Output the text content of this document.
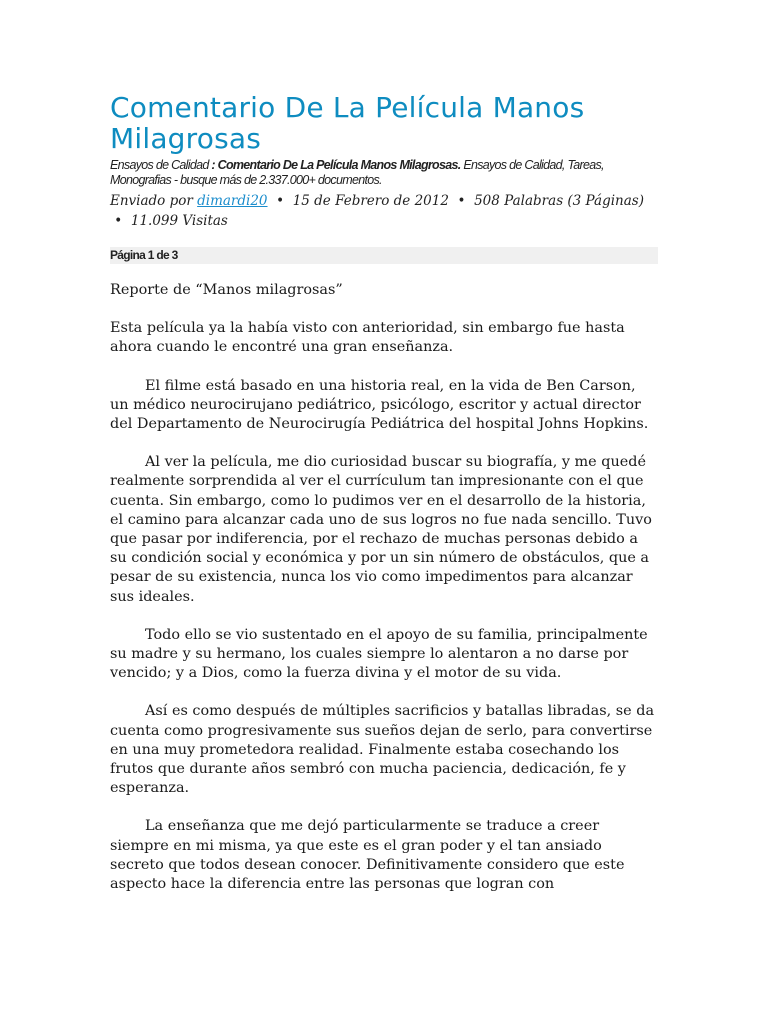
Comentario De La Película Manos Milagrosas
Ensayos de Calidad : Comentario De La Película Manos Milagrosas. Ensayos de Calidad, Tareas, Monografias - busque más de 2.337.000+ documentos.
Enviado por dimardi20 • 15 de Febrero de 2012 • 508 Palabras (3 Páginas)  • 11.099 Visitas
Página 1 de 3

Reporte de “Manos milagrosas”

Esta película ya la había visto con anterioridad, sin embargo fue hasta ahora cuando le encontré una gran enseñanza.

El filme está basado en una historia real, en la vida de Ben Carson, un médico neurocirujano pediátrico, psicólogo, escritor y actual director del Departamento de Neurocirugía Pediátrica del hospital Johns Hopkins.

Al ver la película, me dio curiosidad buscar su biografía, y me quedé realmente sorprendida al ver el currículum tan impresionante con el que cuenta. Sin embargo, como lo pudimos ver en el desarrollo de la historia, el camino para alcanzar cada uno de sus logros no fue nada sencillo. Tuvo que pasar por indiferencia, por el rechazo de muchas personas debido a su condición social y económica y por un sin número de obstáculos, que a pesar de su existencia, nunca los vio como impedimentos para alcanzar sus ideales.

Todo ello se vio sustentado en el apoyo de su familia, principalmente su madre y su hermano, los cuales siempre lo alentaron a no darse por vencido; y a Dios, como la fuerza divina y el motor de su vida.

Así es como después de múltiples sacrificios y batallas libradas, se da cuenta como progresivamente sus sueños dejan de serlo, para convertirse en una muy prometedora realidad. Finalmente estaba cosechando los frutos que durante años sembró con mucha paciencia, dedicación, fe y esperanza.

La enseñanza que me dejó particularmente se traduce a creer siempre en mi misma, ya que este es el gran poder y el tan ansiado secreto que todos desean conocer. Definitivamente considero que este aspecto hace la diferencia entre las personas que logran con
